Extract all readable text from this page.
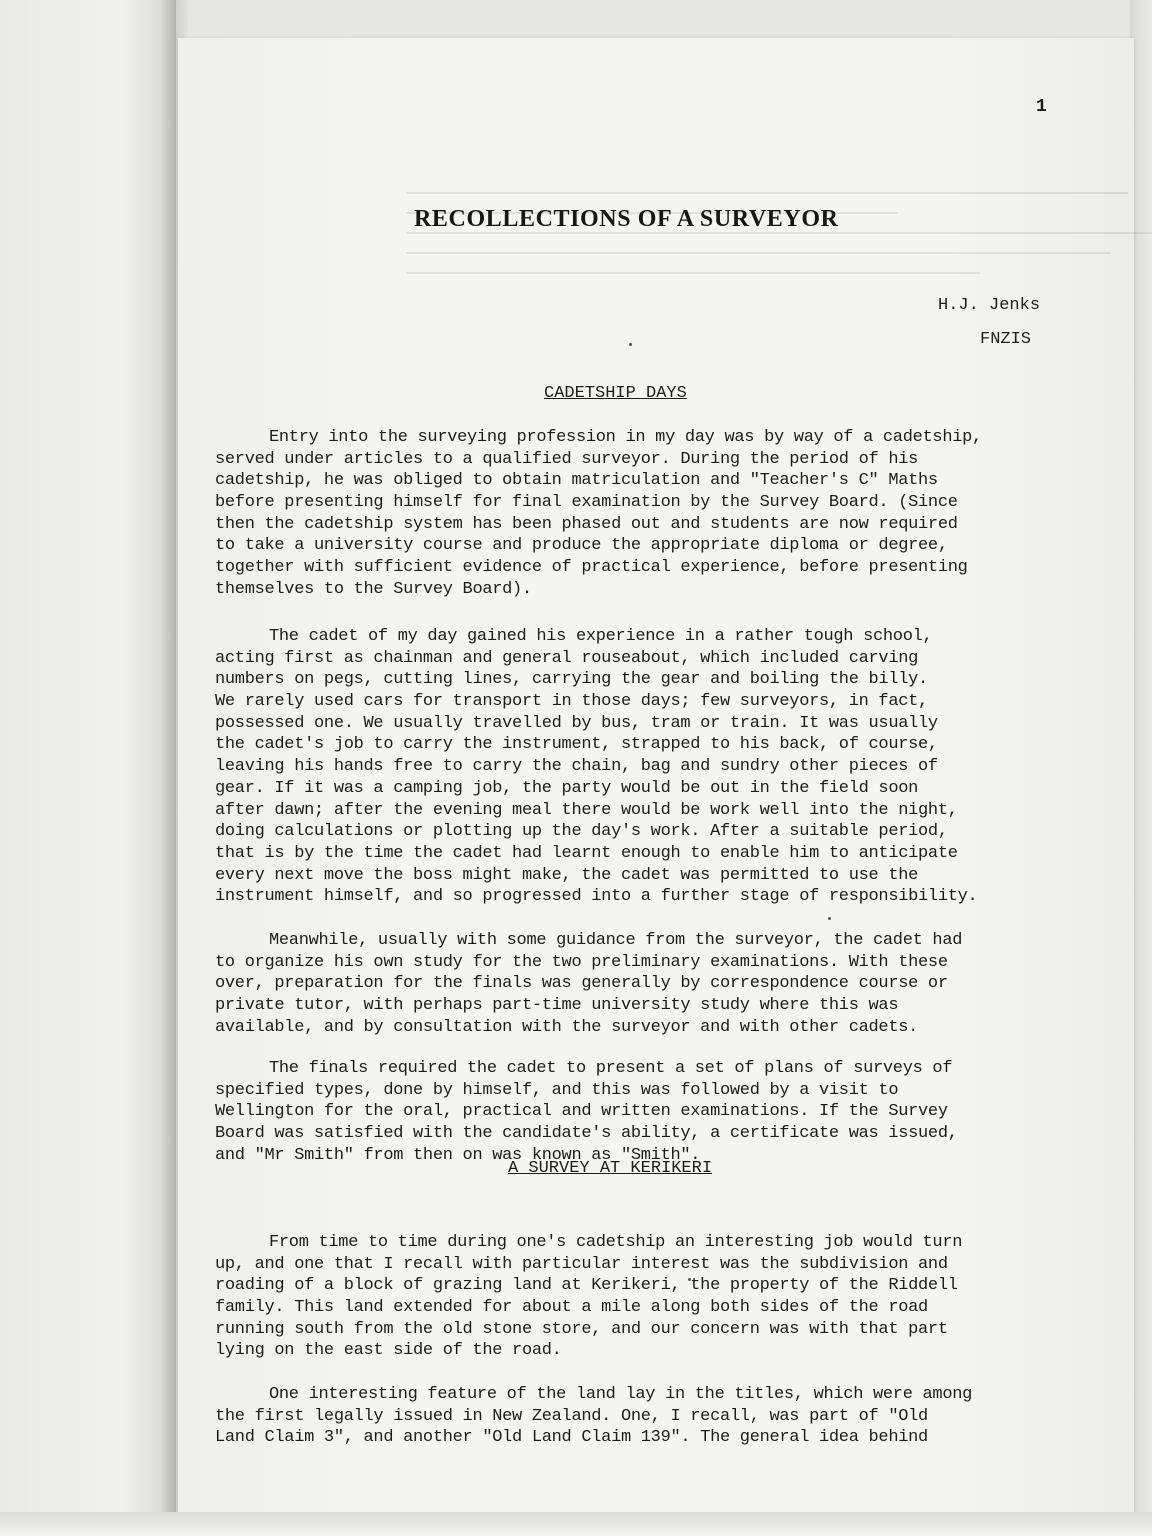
1
RECOLLECTIONS OF A SURVEYOR
H.J. Jenks
FNZIS
CADETSHIP DAYS
Entry into the surveying profession in my day was by way of a cadetship,
served under articles to a qualified surveyor. During the period of his
cadetship, he was obliged to obtain matriculation and "Teacher's C" Maths
before presenting himself for final examination by the Survey Board. (Since
then the cadetship system has been phased out and students are now required
to take a university course and produce the appropriate diploma or degree,
together with sufficient evidence of practical experience, before presenting
themselves to the Survey Board).
The cadet of my day gained his experience in a rather tough school,
acting first as chainman and general rouseabout, which included carving
numbers on pegs, cutting lines, carrying the gear and boiling the billy.
We rarely used cars for transport in those days; few surveyors, in fact,
possessed one. We usually travelled by bus, tram or train. It was usually
the cadet's job to carry the instrument, strapped to his back, of course,
leaving his hands free to carry the chain, bag and sundry other pieces of
gear. If it was a camping job, the party would be out in the field soon
after dawn; after the evening meal there would be work well into the night,
doing calculations or plotting up the day's work. After a suitable period,
that is by the time the cadet had learnt enough to enable him to anticipate
every next move the boss might make, the cadet was permitted to use the
instrument himself, and so progressed into a further stage of responsibility.
Meanwhile, usually with some guidance from the surveyor, the cadet had
to organize his own study for the two preliminary examinations. With these
over, preparation for the finals was generally by correspondence course or
private tutor, with perhaps part-time university study where this was
available, and by consultation with the surveyor and with other cadets.
The finals required the cadet to present a set of plans of surveys of
specified types, done by himself, and this was followed by a visit to
Wellington for the oral, practical and written examinations. If the Survey
Board was satisfied with the candidate's ability, a certificate was issued,
and "Mr Smith" from then on was known as "Smith".
A SURVEY AT KERIKERI
From time to time during one's cadetship an interesting job would turn
up, and one that I recall with particular interest was the subdivision and
roading of a block of grazing land at Kerikeri, the property of the Riddell
family. This land extended for about a mile along both sides of the road
running south from the old stone store, and our concern was with that part
lying on the east side of the road.
One interesting feature of the land lay in the titles, which were among
the first legally issued in New Zealand. One, I recall, was part of "Old
Land Claim 3", and another "Old Land Claim 139". The general idea behind
